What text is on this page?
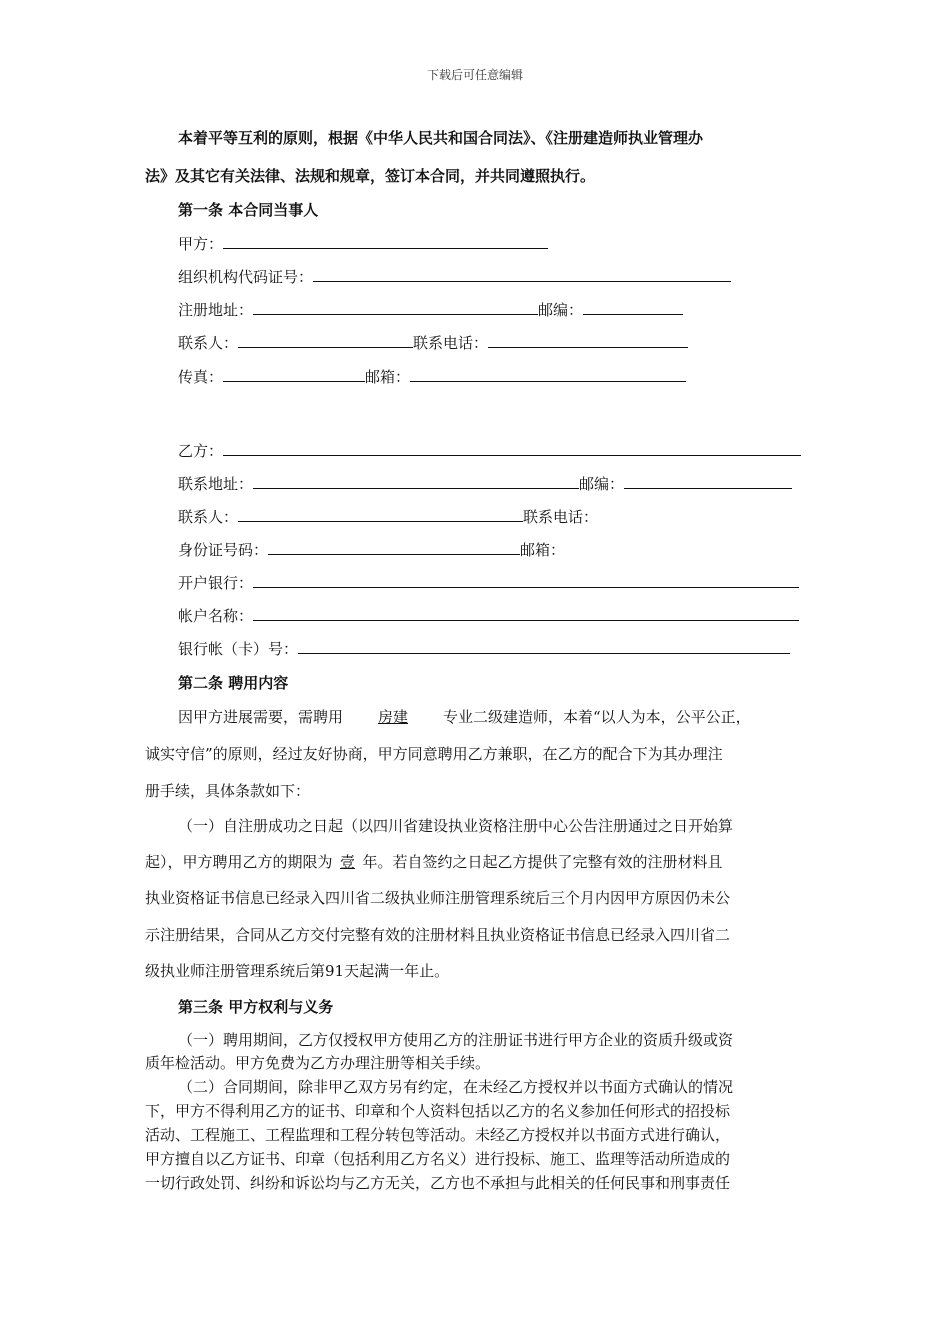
下载后可任意编辑
本着平等互利的原则，根据《中华人民共和国合同法》、《注册建造师执业管理办
法》及其它有关法律、法规和规章，签订本合同，并共同遵照执行。
第一条 本合同当事人
甲方：
组织机构代码证号：
注册地址：	邮编：
联系人：	联系电话：
传真：	邮箱：
乙方：
联系地址：	邮编：
联系人：	联系电话：
身份证号码：	邮箱：
开户银行：
帐户名称：
银行帐（卡）号：
第二条 聘用内容
因甲方进展需要，需聘用 房建 专业二级建造师，本着“以人为本，公平公正，
诚实守信”的原则，经过友好协商，甲方同意聘用乙方兼职，在乙方的配合下为其办理注
册手续，具体条款如下：
（一）自注册成功之日起（以四川省建设执业资格注册中心公告注册通过之日开始算
起），甲方聘用乙方的期限为 壹 年。若自签约之日起乙方提供了完整有效的注册材料且
执业资格证书信息已经录入四川省二级执业师注册管理系统后三个月内因甲方原因仍未公
示注册结果，合同从乙方交付完整有效的注册材料且执业资格证书信息已经录入四川省二
级执业师注册管理系统后第91天起满一年止。
第三条 甲方权利与义务
（一）聘用期间，乙方仅授权甲方使用乙方的注册证书进行甲方企业的资质升级或资
质年检活动。甲方免费为乙方办理注册等相关手续。
（二）合同期间，除非甲乙双方另有约定，在未经乙方授权并以书面方式确认的情况
下，甲方不得利用乙方的证书、印章和个人资料包括以乙方的名义参加任何形式的招投标
活动、工程施工、工程监理和工程分转包等活动。未经乙方授权并以书面方式进行确认，
甲方擅自以乙方证书、印章（包括利用乙方名义）进行投标、施工、监理等活动所造成的
一切行政处罚、纠纷和诉讼均与乙方无关，乙方也不承担与此相关的任何民事和刑事责任
